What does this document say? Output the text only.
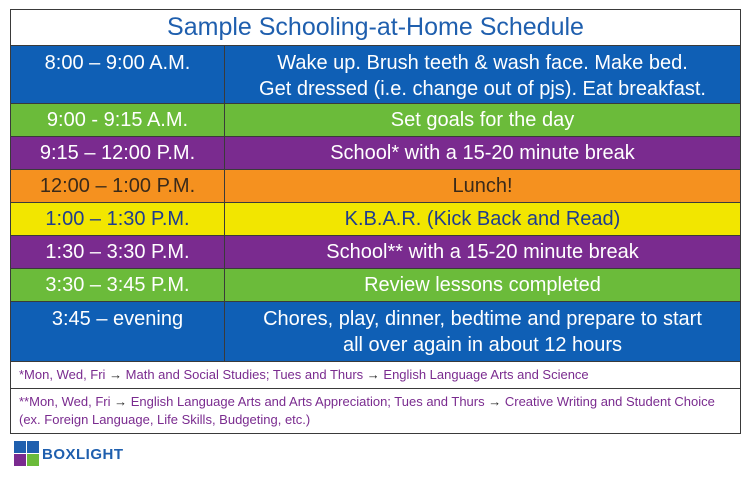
Sample Schooling-at-Home Schedule
8:00 – 9:00 A.M.	Wake up. Brush teeth & wash face. Make bed.
Get dressed (i.e. change out of pjs). Eat breakfast.
9:00 - 9:15 A.M.	Set goals for the day
9:15 – 12:00 P.M.	School* with a 15-20 minute break
12:00 – 1:00 P.M.	Lunch!
1:00 – 1:30 P.M.	K.B.A.R. (Kick Back and Read)
1:30 – 3:30 P.M.	School** with a 15-20 minute break
3:30 – 3:45 P.M.	Review lessons completed
3:45 – evening	Chores, play, dinner, bedtime and prepare to start
all over again in about 12 hours
*Mon, Wed, Fri → Math and Social Studies; Tues and Thurs → English Language Arts and Science
**Mon, Wed, Fri → English Language Arts and Arts Appreciation; Tues and Thurs → Creative Writing and Student Choice (ex. Foreign Language, Life Skills, Budgeting, etc.)
BOXLIGHT
